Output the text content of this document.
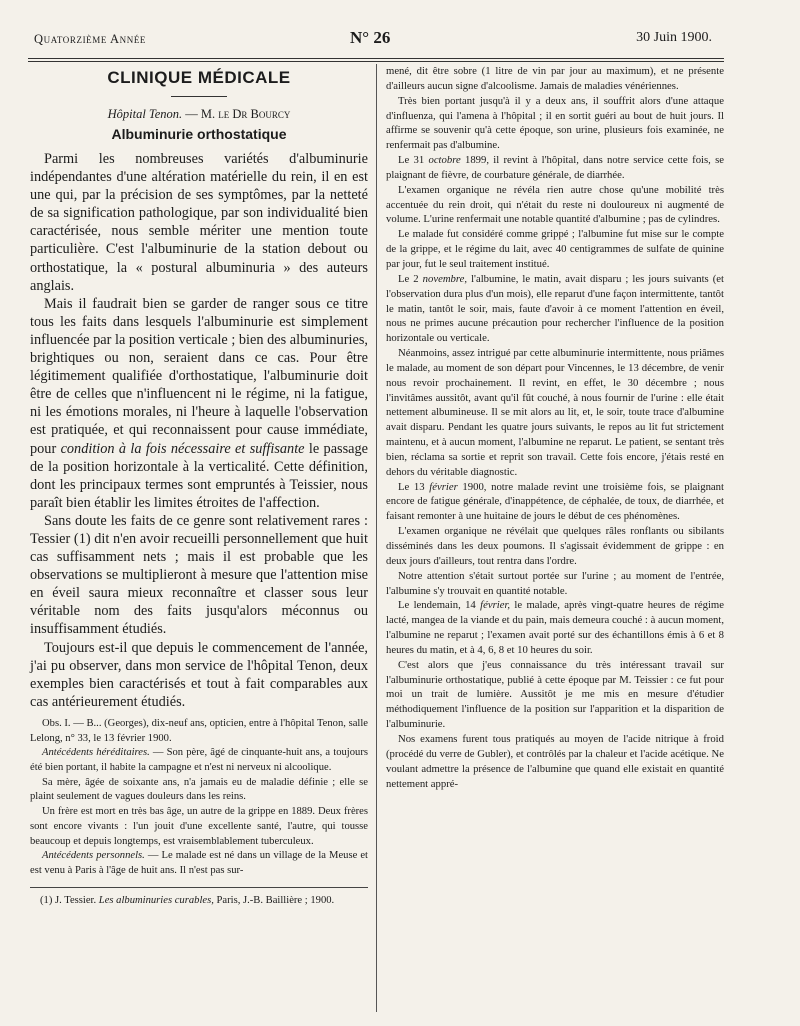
Quatorzième Année	N° 26	30 Juin 1900.
CLINIQUE MÉDICALE
Hôpital Tenon. — M. le Dr Bourcy
Albuminurie orthostatique

Parmi les nombreuses variétés d'albuminurie indépendantes d'une altération matérielle du rein, il en est une qui, par la précision de ses symptômes, par la netteté de sa signification pathologique, par son individualité bien caractérisée, nous semble mériter une mention toute particulière. C'est l'albuminurie de la station debout ou orthostatique, la « postural albuminuria » des auteurs anglais.

Mais il faudrait bien se garder de ranger sous ce titre tous les faits dans lesquels l'albuminurie est simplement influencée par la position verticale ; bien des albuminuries, brightiques ou non, seraient dans ce cas. Pour être légitimement qualifiée d'orthostatique, l'albuminurie doit être de celles que n'influencent ni le régime, ni la fatigue, ni les émotions morales, ni l'heure à laquelle l'observation est pratiquée, et qui reconnaissent pour cause immédiate, pour condition à la fois nécessaire et suffisante le passage de la position horizontale à la verticalité. Cette définition, dont les principaux termes sont empruntés à Teissier, nous paraît bien établir les limites étroites de l'affection.

Sans doute les faits de ce genre sont relativement rares : Tessier (1) dit n'en avoir recueilli personnellement que huit cas suffisamment nets ; mais il est probable que les observations se multiplieront à mesure que l'attention mise en éveil saura mieux reconnaître et classer sous leur véritable nom des faits jusqu'alors méconnus ou insuffisamment étudiés.

Toujours est-il que depuis le commencement de l'année, j'ai pu observer, dans mon service de l'hôpital Tenon, deux exemples bien caractérisés et tout à fait comparables aux cas antérieurement étudiés.

Obs. I. — B... (Georges), dix-neuf ans, opticien, entre à l'hôpital Tenon, salle Lelong, n° 33, le 13 février 1900.

Antécédents héréditaires. — Son père, âgé de cinquante-huit ans, a toujours été bien portant, il habite la campagne et n'est ni nerveux ni alcoolique.

Sa mère, âgée de soixante ans, n'a jamais eu de maladie définie ; elle se plaint seulement de vagues douleurs dans les reins.

Un frère est mort en très bas âge, un autre de la grippe en 1889. Deux frères sont encore vivants : l'un jouit d'une excellente santé, l'autre, qui tousse beaucoup et depuis longtemps, est vraisemblablement tuberculeux.

Antécédents personnels. — Le malade est né dans un village de la Meuse et est venu à Paris à l'âge de huit ans. Il n'est pas sur-

(1) J. Tessier. Les albuminuries curables, Paris, J.-B. Baillière ; 1900.

mené, dit être sobre (1 litre de vin par jour au maximum), et ne présente d'ailleurs aucun signe d'alcoolisme. Jamais de maladies vénériennes.

Très bien portant jusqu'à il y a deux ans, il souffrit alors d'une attaque d'influenza, qui l'amena à l'hôpital ; il en sortit guéri au bout de huit jours. Il affirme se souvenir qu'à cette époque, son urine, plusieurs fois examinée, ne renfermait pas d'albumine.

Le 31 octobre 1899, il revint à l'hôpital, dans notre service cette fois, se plaignant de fièvre, de courbature générale, de diarrhée.

L'examen organique ne révéla rien autre chose qu'une mobilité très accentuée du rein droit, qui n'était du reste ni douloureux ni augmenté de volume. L'urine renfermait une notable quantité d'albumine ; pas de cylindres.

Le malade fut considéré comme grippé ; l'albumine fut mise sur le compte de la grippe, et le régime du lait, avec 40 centigrammes de sulfate de quinine par jour, fut le seul traitement institué.

Le 2 novembre, l'albumine, le matin, avait disparu ; les jours suivants (et l'observation dura plus d'un mois), elle reparut d'une façon intermittente, tantôt le matin, tantôt le soir, mais, faute d'avoir à ce moment l'attention en éveil, nous ne primes aucune précaution pour rechercher l'influence de la position horizontale ou verticale.

Néanmoins, assez intrigué par cette albuminurie intermittente, nous priâmes le malade, au moment de son départ pour Vincennes, le 13 décembre, de venir nous revoir prochainement. Il revint, en effet, le 30 décembre ; nous l'invitâmes aussitôt, avant qu'il fût couché, à nous fournir de l'urine : elle était nettement albumineuse. Il se mit alors au lit, et, le soir, toute trace d'albumine avait disparu. Pendant les quatre jours suivants, le repos au lit fut strictement maintenu, et à aucun moment, l'albumine ne reparut. Le patient, se sentant très bien, réclama sa sortie et reprit son travail. Cette fois encore, j'étais resté en dehors du véritable diagnostic.

Le 13 février 1900, notre malade revint une troisième fois, se plaignant encore de fatigue générale, d'inappétence, de céphalée, de toux, de diarrhée, et faisant remonter à une huitaine de jours le début de ces phénomènes.

L'examen organique ne révélait que quelques râles ronflants ou sibilants disséminés dans les deux poumons. Il s'agissait évidemment de grippe : en deux jours d'ailleurs, tout rentra dans l'ordre.

Notre attention s'était surtout portée sur l'urine ; au moment de l'entrée, l'albumine s'y trouvait en quantité notable.

Le lendemain, 14 février, le malade, après vingt-quatre heures de régime lacté, mangea de la viande et du pain, mais demeura couché : à aucun moment, l'albumine ne reparut ; l'examen avait porté sur des échantillons émis à 6 et 8 heures du matin, et à 4, 6, 8 et 10 heures du soir.

C'est alors que j'eus connaissance du très intéressant travail sur l'albuminurie orthostatique, publié à cette époque par M. Teissier : ce fut pour moi un trait de lumière. Aussitôt je me mis en mesure d'étudier méthodiquement l'influence de la position sur l'apparition et la disparition de l'albuminurie.

Nos examens furent tous pratiqués au moyen de l'acide nitrique à froid (procédé du verre de Gubler), et contrôlés par la chaleur et l'acide acétique. Ne voulant admettre la présence de l'albumine que quand elle existait en quantité nettement appré-
